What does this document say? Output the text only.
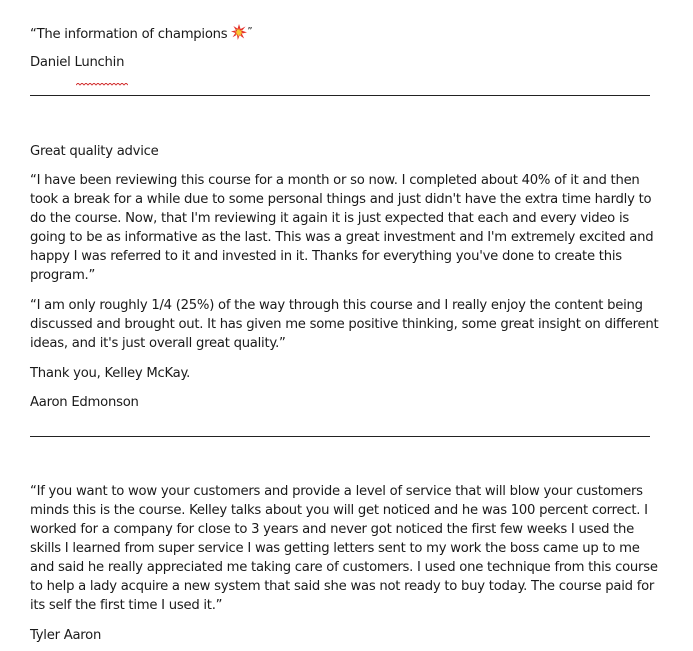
“The information of champions ”

Daniel Lunchin

Great quality advice

“I have been reviewing this course for a month or so now. I completed about 40% of it and then took a break for a while due to some personal things and just didn't have the extra time hardly to do the course. Now, that I'm reviewing it again it is just expected that each and every video is going to be as informative as the last. This was a great investment and I'm extremely excited and happy I was referred to it and invested in it. Thanks for everything you've done to create this program.”

“I am only roughly 1/4 (25%) of the way through this course and I really enjoy the content being discussed and brought out. It has given me some positive thinking, some great insight on different ideas, and it's just overall great quality.”

Thank you, Kelley McKay.

Aaron Edmonson

“If you want to wow your customers and provide a level of service that will blow your customers minds this is the course. Kelley talks about you will get noticed and he was 100 percent correct. I worked for a company for close to 3 years and never got noticed the first few weeks I used the skills I learned from super service I was getting letters sent to my work the boss came up to me and said he really appreciated me taking care of customers. I used one technique from this course to help a lady acquire a new system that said she was not ready to buy today. The course paid for its self the first time I used it.”

Tyler Aaron
